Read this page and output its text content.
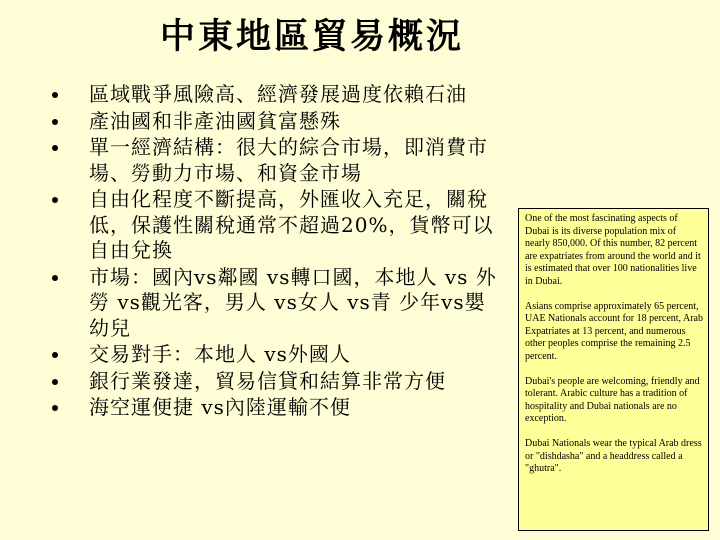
中東地區貿易概況
區域戰爭風險高、經濟發展過度依賴石油
產油國和非產油國貧富懸殊
單一經濟結構：很大的綜合市場，即消費市場、勞動力市場、和資金市場
自由化程度不斷提高，外匯收入充足，關稅低，保護性關稅通常不超過20%，貨幣可以自由兌換
市場：國內vs鄰國 vs轉口國，本地人 vs 外勞 vs觀光客，男人 vs女人 vs青 少年vs嬰 幼兒
交易對手：本地人 vs外國人
銀行業發達，貿易信貸和結算非常方便
海空運便捷 vs內陸運輸不便

One of the most fascinating aspects of Dubai is its diverse population mix of nearly 850,000. Of this number, 82 percent are expatriates from around the world and it is estimated that over 100 nationalities live in Dubai.

Asians comprise approximately 65 percent, UAE Nationals account for 18 percent, Arab Expatriates at 13 percent, and numerous other peoples comprise the remaining 2.5 percent.

Dubai's people are welcoming, friendly and tolerant. Arabic culture has a tradition of hospitality and Dubai nationals are no exception.

Dubai Nationals wear the typical Arab dress or "dishdasha" and a headdress called a "ghutra".
